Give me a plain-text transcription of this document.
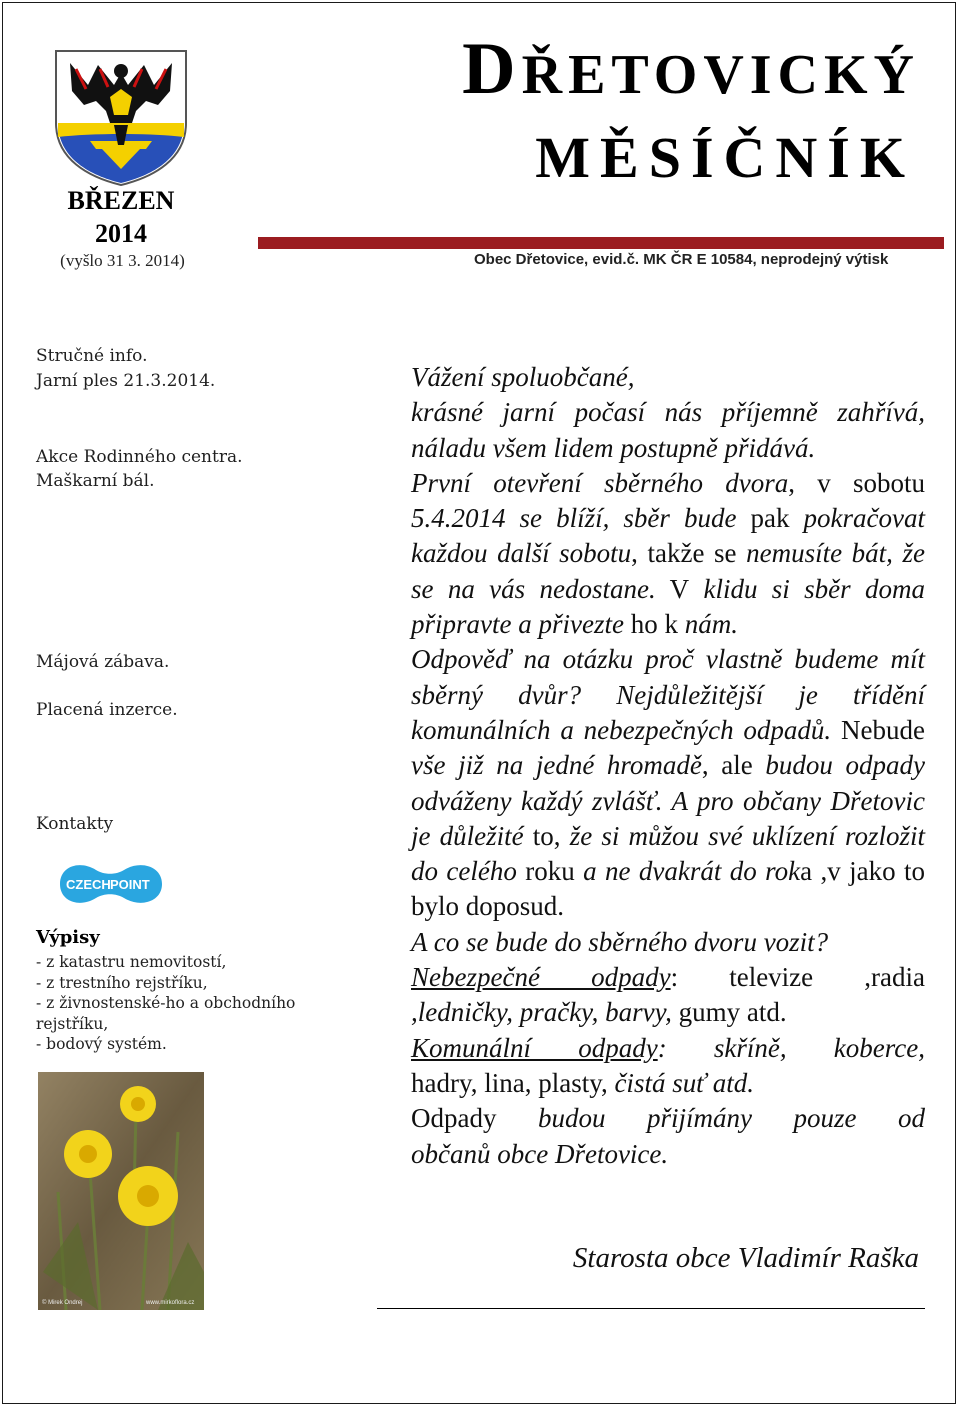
BŘEZEN
2014
(vyšlo 31 3. 2014)
DŘETOVICKÝ
MĚSÍČNÍK
Obec Dřetovice, evid.č. MK ČR E 10584, neprodejný výtisk
Stručné info.
Jarní ples 21.3.2014.
Akce Rodinného centra.
Maškarní bál.
Májová zábava.
Placená inzerce.
Kontakty
CZECH POINT
Výpisy
- z katastru nemovitostí,
- z trestního rejstříku,
- z živnostenské-ho a obchodního rejstříku,
- bodový systém.
© Mirek Ondrej	www.mirkoflora.cz

Vážení spoluobčané,

krásné jarní počasí nás příjemně zahřívá, náladu všem lidem postupně přidává.

První otevření sběrného dvora, v sobotu 5.4.2014 se blíží, sběr bude pak pokračovat každou další sobotu, takže se nemusíte bát, že se na vás nedostane. V klidu si sběr doma připravte a přivezte ho k nám.

Odpověď na otázku proč vlastně budeme mít sběrný dvůr? Nejdůležitější je třídění komunálních a nebezpečných odpadů. Nebude vše již na jedné hromadě, ale budou odpady odváženy každý zvlášť. A pro občany Dřetovic je důležité to, že si můžou své uklízení rozložit do celého roku a ne dvakrát do roka ,v jako to bylo doposud.

A co se bude do sběrného dvoru vozit?

Nebezpečné odpady: televize ,radia

,ledničky, pračky, barvy, gumy atd.

Komunální odpady: skříně, koberce,

hadry, lina, plasty, čistá suť atd.

Odpady budou přijímány pouze od

občanů obce Dřetovice.

Starosta obce Vladimír Raška
